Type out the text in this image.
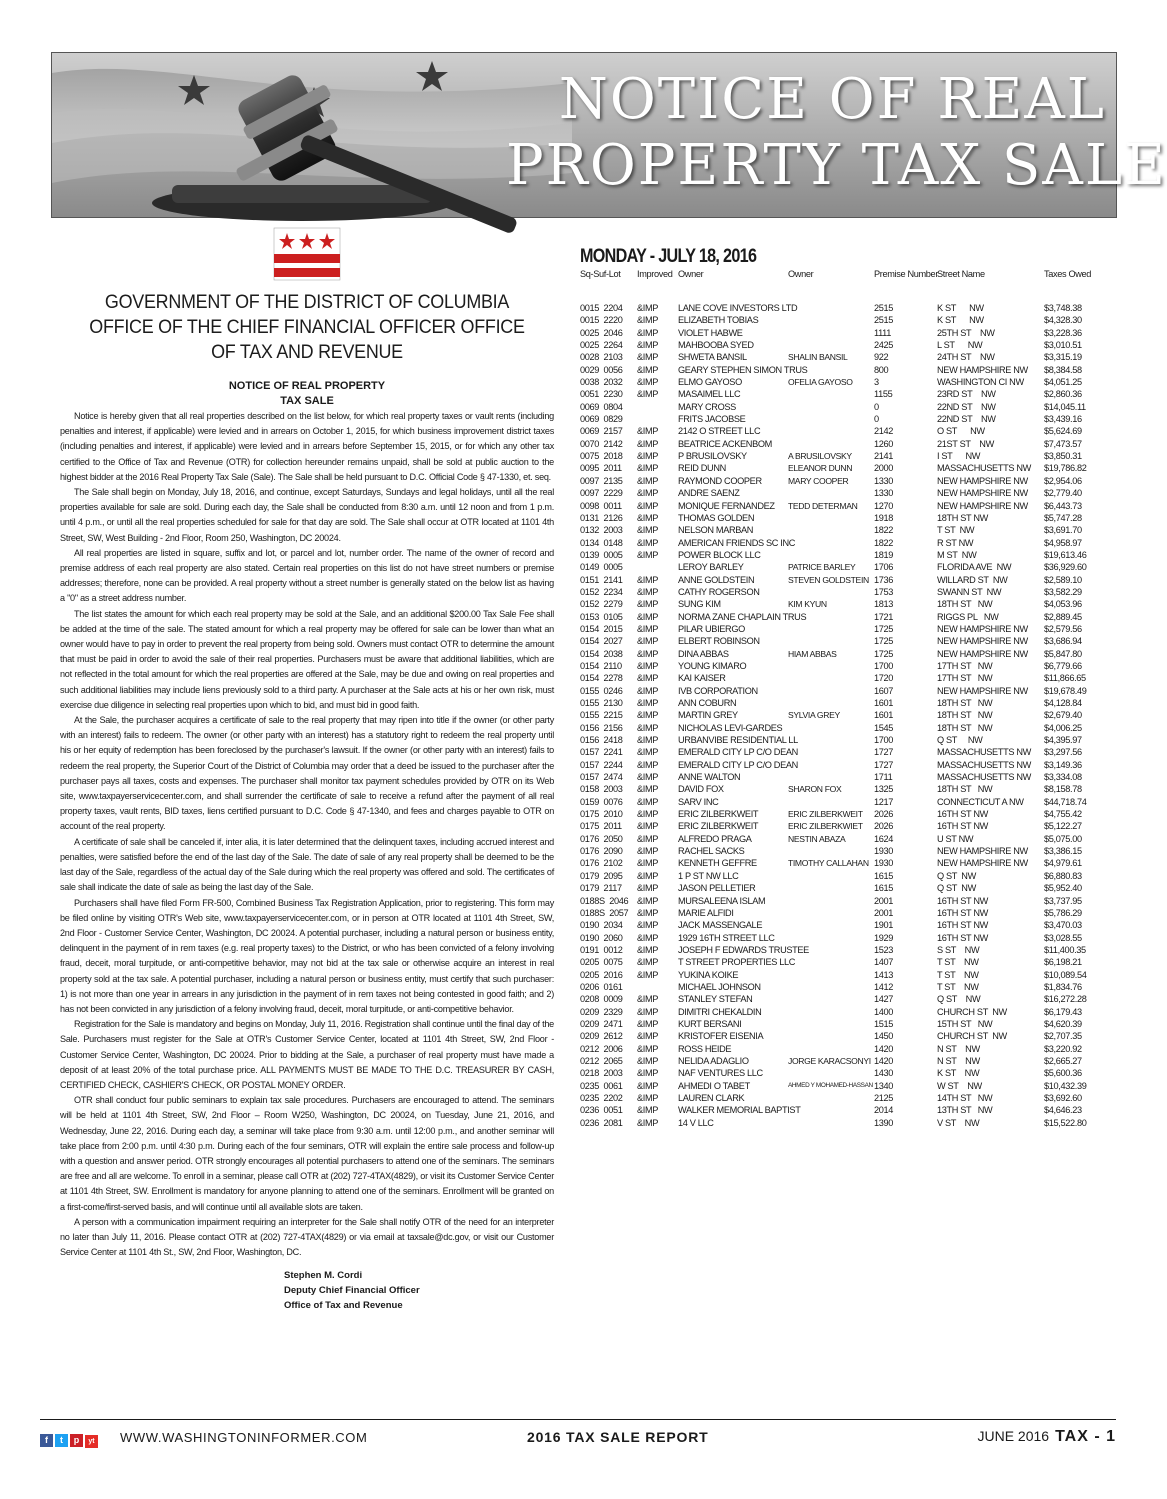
NOTICE OF REAL
PROPERTY TAX SALE
GOVERNMENT OF THE DISTRICT OF COLUMBIA OFFICE OF THE CHIEF FINANCIAL OFFICER OFFICE OF TAX AND REVENUE
NOTICE OF REAL PROPERTY
TAX SALE

Notice is hereby given that all real properties described on the list below, for which real property taxes or vault rents (including penalties and interest, if applicable) were levied and in arrears on October 1, 2015, for which business improvement district taxes (including penalties and interest, if applicable) were levied and in arrears before September 15, 2015, or for which any other tax certified to the Office of Tax and Revenue (OTR) for collection hereunder remains unpaid, shall be sold at public auction to the highest bidder at the 2016 Real Property Tax Sale (Sale). The Sale shall be held pursuant to D.C. Official Code § 47-1330, et. seq.

The Sale shall begin on Monday, July 18, 2016, and continue, except Saturdays, Sundays and legal holidays, until all the real properties available for sale are sold. During each day, the Sale shall be conducted from 8:30 a.m. until 12 noon and from 1 p.m. until 4 p.m., or until all the real properties scheduled for sale for that day are sold. The Sale shall occur at OTR located at 1101 4th Street, SW, West Building - 2nd Floor, Room 250, Washington, DC 20024.

All real properties are listed in square, suffix and lot, or parcel and lot, number order. The name of the owner of record and premise address of each real property are also stated. Certain real properties on this list do not have street numbers or premise addresses; therefore, none can be provided. A real property without a street number is generally stated on the below list as having a "0" as a street address number.

The list states the amount for which each real property may be sold at the Sale, and an additional $200.00 Tax Sale Fee shall be added at the time of the sale. The stated amount for which a real property may be offered for sale can be lower than what an owner would have to pay in order to prevent the real property from being sold. Owners must contact OTR to determine the amount that must be paid in order to avoid the sale of their real properties. Purchasers must be aware that additional liabilities, which are not reflected in the total amount for which the real properties are offered at the Sale, may be due and owing on real properties and such additional liabilities may include liens previously sold to a third party. A purchaser at the Sale acts at his or her own risk, must exercise due diligence in selecting real properties upon which to bid, and must bid in good faith.

At the Sale, the purchaser acquires a certificate of sale to the real property that may ripen into title if the owner (or other party with an interest) fails to redeem. The owner (or other party with an interest) has a statutory right to redeem the real property until his or her equity of redemption has been foreclosed by the purchaser's lawsuit. If the owner (or other party with an interest) fails to redeem the real property, the Superior Court of the District of Columbia may order that a deed be issued to the purchaser after the purchaser pays all taxes, costs and expenses. The purchaser shall monitor tax payment schedules provided by OTR on its Web site, www.taxpayerservicecenter.com, and shall surrender the certificate of sale to receive a refund after the payment of all real property taxes, vault rents, BID taxes, liens certified pursuant to D.C. Code § 47-1340, and fees and charges payable to OTR on account of the real property.

A certificate of sale shall be canceled if, inter alia, it is later determined that the delinquent taxes, including accrued interest and penalties, were satisfied before the end of the last day of the Sale. The date of sale of any real property shall be deemed to be the last day of the Sale, regardless of the actual day of the Sale during which the real property was offered and sold. The certificates of sale shall indicate the date of sale as being the last day of the Sale.

Purchasers shall have filed Form FR-500, Combined Business Tax Registration Application, prior to registering. This form may be filed online by visiting OTR's Web site, www.taxpayerservicecenter.com, or in person at OTR located at 1101 4th Street, SW, 2nd Floor - Customer Service Center, Washington, DC 20024. A potential purchaser, including a natural person or business entity, delinquent in the payment of in rem taxes (e.g. real property taxes) to the District, or who has been convicted of a felony involving fraud, deceit, moral turpitude, or anti-competitive behavior, may not bid at the tax sale or otherwise acquire an interest in real property sold at the tax sale. A potential purchaser, including a natural person or business entity, must certify that such purchaser: 1) is not more than one year in arrears in any jurisdiction in the payment of in rem taxes not being contested in good faith; and 2) has not been convicted in any jurisdiction of a felony involving fraud, deceit, moral turpitude, or anti-competitive behavior.

Registration for the Sale is mandatory and begins on Monday, July 11, 2016. Registration shall continue until the final day of the Sale. Purchasers must register for the Sale at OTR's Customer Service Center, located at 1101 4th Street, SW, 2nd Floor - Customer Service Center, Washington, DC 20024. Prior to bidding at the Sale, a purchaser of real property must have made a deposit of at least 20% of the total purchase price. ALL PAYMENTS MUST BE MADE TO THE D.C. TREASURER BY CASH, CERTIFIED CHECK, CASHIER'S CHECK, OR POSTAL MONEY ORDER.

OTR shall conduct four public seminars to explain tax sale procedures. Purchasers are encouraged to attend. The seminars will be held at 1101 4th Street, SW, 2nd Floor – Room W250, Washington, DC 20024, on Tuesday, June 21, 2016, and Wednesday, June 22, 2016. During each day, a seminar will take place from 9:30 a.m. until 12:00 p.m., and another seminar will take place from 2:00 p.m. until 4:30 p.m. During each of the four seminars, OTR will explain the entire sale process and follow-up with a question and answer period. OTR strongly encourages all potential purchasers to attend one of the seminars. The seminars are free and all are welcome. To enroll in a seminar, please call OTR at (202) 727-4TAX(4829), or visit its Customer Service Center at 1101 4th Street, SW. Enrollment is mandatory for anyone planning to attend one of the seminars. Enrollment will be granted on a first-come/first-served basis, and will continue until all available slots are taken.

A person with a communication impairment requiring an interpreter for the Sale shall notify OTR of the need for an interpreter no later than July 11, 2016. Please contact OTR at (202) 727-4TAX(4829) or via email at taxsale@dc.gov, or visit our Customer Service Center at 1101 4th St., SW, 2nd Floor, Washington, DC.

Stephen M. Cordi
Deputy Chief Financial Officer
Office of Tax and Revenue
MONDAY - JULY 18, 2016
Sq-Suf-Lot	Improved	Owner	Owner	Premise Number	Street Name	Taxes Owed
0015  2204	&IMP	LANE COVE INVESTORS LTD		2515	K ST      NW	$3,748.38
0015  2220	&IMP	ELIZABETH TOBIAS		2515	K ST      NW	$4,328.30
0025  2046	&IMP	VIOLET HABWE		1111	25TH ST    NW	$3,228.36
0025  2264	&IMP	MAHBOOBA SYED		2425	L ST      NW	$3,010.51
0028  2103	&IMP	SHWETA BANSIL	SHALIN BANSIL	922	24TH ST    NW	$3,315.19
0029  0056	&IMP	GEARY STEPHEN SIMON TRUS		800	NEW HAMPSHIRE NW	$8,384.58
0038  2032	&IMP	ELMO GAYOSO	OFELIA GAYOSO	3	WASHINGTON CI NW	$4,051.25
0051  2230	&IMP	MASAIMEL LLC		1155	23RD ST    NW	$2,860.36
0069  0804		MARY CROSS		0	22ND ST    NW	$14,045.11
0069  0829		FRITS JACOBSE		0	22ND ST    NW	$3,439.16
0069  2157	&IMP	2142 O STREET LLC		2142	O ST      NW	$5,624.69
0070  2142	&IMP	BEATRICE ACKENBOM		1260	21ST ST    NW	$7,473.57
0075  2018	&IMP	P BRUSILOVSKY	A BRUSILOVSKY	2141	I ST      NW	$3,850.31
0095  2011	&IMP	REID DUNN	ELEANOR DUNN	2000	MASSACHUSETTS NW	$19,786.82
0097  2135	&IMP	RAYMOND COOPER	MARY COOPER	1330	NEW HAMPSHIRE NW	$2,954.06
0097  2229	&IMP	ANDRE SAENZ		1330	NEW HAMPSHIRE NW	$2,779.40
0098  0011	&IMP	MONIQUE FERNANDEZ	TEDD DETERMAN	1270	NEW HAMPSHIRE NW	$6,443.73
0131  2126	&IMP	THOMAS GOLDEN		1918	18TH ST NW	$5,747.28
0132  2003	&IMP	NELSON MARBAN		1822	T ST  NW	$3,691.70
0134  0148	&IMP	AMERICAN FRIENDS SC INC		1822	R ST NW	$4,958.97
0139  0005	&IMP	POWER BLOCK LLC		1819	M ST  NW	$19,613.46
0149  0005		LEROY BARLEY	PATRICE BARLEY	1706	FLORIDA AVE  NW	$36,929.60
0151  2141	&IMP	ANNE GOLDSTEIN	STEVEN GOLDSTEIN	1736	WILLARD ST  NW	$2,589.10
0152  2234	&IMP	CATHY ROGERSON		1753	SWANN ST  NW	$3,582.29
0152  2279	&IMP	SUNG KIM	KIM KYUN	1813	18TH ST   NW	$4,053.96
0153  0105	&IMP	NORMA ZANE CHAPLAIN TRUS		1721	RIGGS PL   NW	$2,889.45
0154  2015	&IMP	PILAR UBIERGO		1725	NEW HAMPSHIRE NW	$2,579.56
0154  2027	&IMP	ELBERT ROBINSON		1725	NEW HAMPSHIRE NW	$3,686.94
0154  2038	&IMP	DINA ABBAS	HIAM ABBAS	1725	NEW HAMPSHIRE NW	$5,847.80
0154  2110	&IMP	YOUNG KIMARO		1700	17TH ST   NW	$6,779.66
0154  2278	&IMP	KAI KAISER		1720	17TH ST   NW	$11,866.65
0155  0246	&IMP	IVB CORPORATION		1607	NEW HAMPSHIRE NW	$19,678.49
0155  2130	&IMP	ANN COBURN		1601	18TH ST   NW	$4,128.84
0155  2215	&IMP	MARTIN GREY	SYLVIA GREY	1601	18TH ST   NW	$2,679.40
0156  2156	&IMP	NICHOLAS LEVI-GARDES		1545	18TH ST   NW	$4,006.25
0156  2418	&IMP	URBANVIBE RESIDENTIAL LL		1700	Q ST     NW	$4,395.97
0157  2241	&IMP	EMERALD CITY LP C/O DEAN		1727	MASSACHUSETTS NW	$3,297.56
0157  2244	&IMP	EMERALD CITY LP C/O DEAN		1727	MASSACHUSETTS NW	$3,149.36
0157  2474	&IMP	ANNE WALTON		1711	MASSACHUSETTS NW	$3,334.08
0158  2003	&IMP	DAVID FOX	SHARON FOX	1325	18TH ST   NW	$8,158.78
0159  0076	&IMP	SARV INC		1217	CONNECTICUT A NW	$44,718.74
0175  2010	&IMP	ERIC ZILBERKWEIT	ERIC ZILBERKWEIT	2026	16TH ST NW	$4,755.42
0175  2011	&IMP	ERIC ZILBERKWEIT	ERIC ZILBERKWIET	2026	16TH ST NW	$5,122.27
0176  2050	&IMP	ALFREDO PRAGA	NESTIN ABAZA	1624	U ST NW	$5,075.00
0176  2090	&IMP	RACHEL SACKS		1930	NEW HAMPSHIRE NW	$3,386.15
0176  2102	&IMP	KENNETH GEFFRE	TIMOTHY CALLAHAN	1930	NEW HAMPSHIRE NW	$4,979.61
0179  2095	&IMP	1 P ST NW LLC		1615	Q ST  NW	$6,880.83
0179  2117	&IMP	JASON PELLETIER		1615	Q ST  NW	$5,952.40
0188S  2046	&IMP	MURSALEENA ISLAM		2001	16TH ST NW	$3,737.95
0188S  2057	&IMP	MARIE ALFIDI		2001	16TH ST NW	$5,786.29
0190  2034	&IMP	JACK MASSENGALE		1901	16TH ST NW	$3,470.03
0190  2060	&IMP	1929 16TH STREET LLC		1929	16TH ST NW	$3,028.55
0191  0012	&IMP	JOSEPH F EDWARDS TRUSTEE		1523	S ST    NW	$11,400.35
0205  0075	&IMP	T STREET PROPERTIES LLC		1407	T ST    NW	$6,198.21
0205  2016	&IMP	YUKINA KOIKE		1413	T ST    NW	$10,089.54
0206  0161		MICHAEL JOHNSON		1412	T ST    NW	$1,834.76
0208  0009	&IMP	STANLEY STEFAN		1427	Q ST    NW	$16,272.28
0209  2329	&IMP	DIMITRI CHEKALDIN		1400	CHURCH ST  NW	$6,179.43
0209  2471	&IMP	KURT BERSANI		1515	15TH ST   NW	$4,620.39
0209  2612	&IMP	KRISTOFER EISENIA		1450	CHURCH ST  NW	$2,707.35
0212  2006	&IMP	ROSS HEIDE		1420	N ST    NW	$3,220.92
0212  2065	&IMP	NELIDA ADAGLIO	JORGE KARACSONYI	1420	N ST    NW	$2,665.27
0218  2003	&IMP	NAF VENTURES LLC		1430	K ST    NW	$5,600.36
0235  0061	&IMP	AHMEDI O TABET	AHMED Y MOHAMED-HASSAN	1340	W ST    NW	$10,432.39
0235  2202	&IMP	LAUREN CLARK		2125	14TH ST   NW	$3,692.60
0236  0051	&IMP	WALKER MEMORIAL BAPTIST		2014	13TH ST   NW	$4,646.23
0236  2081	&IMP	14 V LLC		1390	V ST    NW	$15,522.80
f t p yt	WWW.WASHINGTONINFORMER.COM	2016 TAX SALE REPORT	JUNE 2016 TAX - 1
